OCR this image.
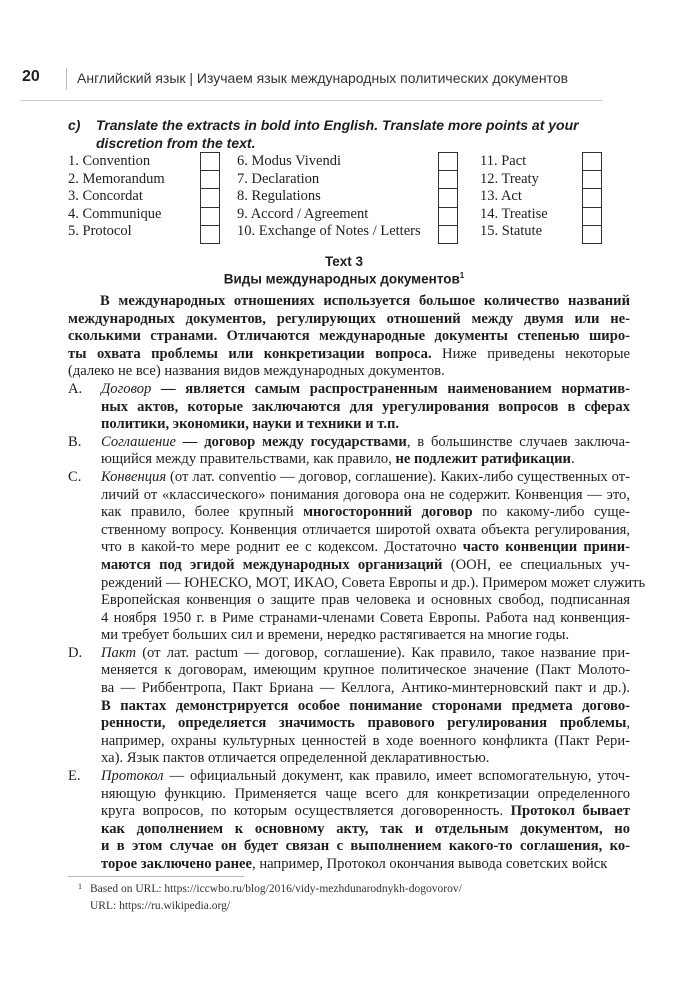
20	Английский язык | Изучаем язык международных политических документов
c) Translate the extracts in bold into English. Translate more points at your discretion from the text.
1. Convention
2. Memorandum
3. Concordat
4. Communique
5. Protocol
6. Modus Vivendi
7. Declaration
8. Regulations
9. Accord / Agreement
10. Exchange of Notes / Letters
11. Pact
12. Treaty
13. Act
14. Treatise
15. Statute
Text 3
Виды международных документов$^1$
В международных отношениях используется большое количество названий
международных документов, регулирующих отношений между двумя или не-
сколькими странами. Отличаются международные документы степенью широ-
ты охвата проблемы или конкретизации вопроса. Ниже приведены некоторые
(далеко не все) названия видов международных документов.
A. Договор — является самым распространенным наименованием норматив-
ных актов, которые заключаются для урегулирования вопросов в сферах
политики, экономики, науки и техники и т.п.
B. Соглашение — договор между государствами, в большинстве случаев заключа-
ющийся между правительствами, как правило, не подлежит ратификации.
C. Конвенция (от лат. conventio — договор, соглашение). Каких-либо существенных от-
личий от «классического» понимания договора она не содержит. Конвенция — это,
как правило, более крупный многосторонний договор по какому-либо суще-
ственному вопросу. Конвенция отличается широтой охвата объекта регулирования,
что в какой-то мере роднит ее с кодексом. Достаточно часто конвенции прини-
маются под эгидой международных организаций (ООН, ее специальных уч-
реждений — ЮНЕСКО, МОТ, ИКАО, Совета Европы и др.). Примером может служить
Европейская конвенция о защите прав человека и основных свобод, подписанная
4 ноября 1950 г. в Риме странами-членами Совета Европы. Работа над конвенция-
ми требует больших сил и времени, нередко растягивается на многие годы.
D. Пакт (от лат. pactum — договор, соглашение). Как правило, такое название при-
меняется к договорам, имеющим крупное политическое значение (Пакт Молото-
ва — Риббентропа, Пакт Бриана — Келлога, Антико-минтерновский пакт и др.).
В пактах демонстрируется особое понимание сторонами предмета догово-
ренности, определяется значимость правового регулирования проблемы,
например, охраны культурных ценностей в ходе военного конфликта (Пакт Рери-
ха). Язык пактов отличается определенной декларативностью.
E. Протокол — официальный документ, как правило, имеет вспомогательную, уточ-
няющую функцию. Применяется чаще всего для конкретизации определенного
круга вопросов, по которым осуществляется договоренность. Протокол бывает
как дополнением к основному акту, так и отдельным документом, но
и в этом случае он будет связан с выполнением какого-то соглашения, ко-
торое заключено ранее, например, Протокол окончания вывода советских войск
1 Based on URL: https://iccwbo.ru/blog/2016/vidy-mezhdunarodnykh-dogovorov/
URL: https://ru.wikipedia.org/
